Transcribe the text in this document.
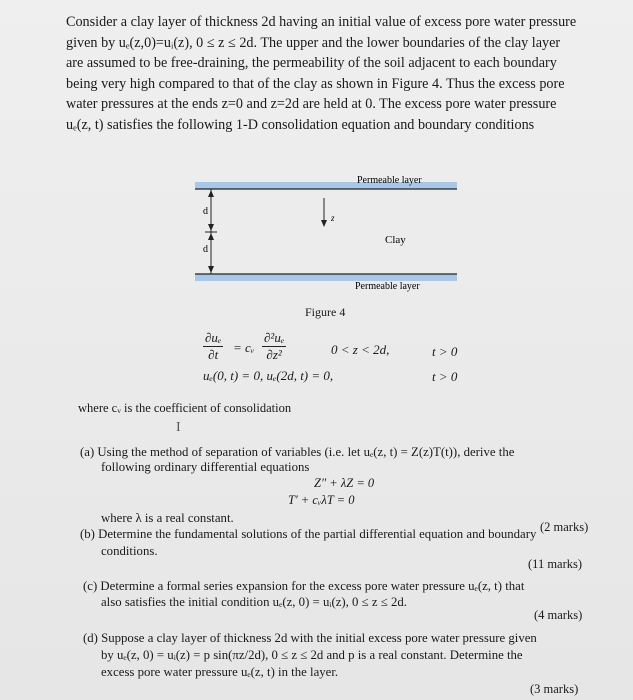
Consider a clay layer of thickness 2d having an initial value of excess pore water pressure
given by uₑ(z,0)=uᵢ(z), 0 ≤ z ≤ 2d. The upper and the lower boundaries of the clay layer
are assumed to be free-draining, the permeability of the soil adjacent to each boundary
being very high compared to that of the clay as shown in Figure 4. Thus the excess pore
water pressures at the ends z=0 and z=2d are held at 0. The excess pore water pressure
uₑ(z, t) satisfies the following 1-D consolidation equation and boundary conditions
Permeable layer
Clay
Permeable layer
d
d
z
Figure 4
$\frac{\text{∂uₑ}}{\partial t}$ = cᵥ $\frac{\text{∂²uₑ}}{\text{∂z²}}$	0 < z < 2d,	t > 0
uₑ(0, t) = 0, uₑ(2d, t) = 0,	t > 0
where cᵥ is the coefficient of consolidation
I
(a) Using the method of separation of variables (i.e. let uₑ(z, t) = Z(z)T(t)), derive the
following ordinary differential equations
Z″ + λZ = 0
T′ + cᵥλT = 0
where λ is a real constant.
(2 marks)
(b) Determine the fundamental solutions of the partial differential equation and boundary
conditions.
(11 marks)
(c) Determine a formal series expansion for the excess pore water pressure uₑ(z, t) that
also satisfies the initial condition uₑ(z, 0) = uᵢ(z), 0 ≤ z ≤ 2d.
(4 marks)
(d) Suppose a clay layer of thickness 2d with the initial excess pore water pressure given
by uₑ(z, 0) = uᵢ(z) = p sin(πz/2d), 0 ≤ z ≤ 2d and p is a real constant. Determine the
excess pore water pressure uₑ(z, t) in the layer.
(3 marks)
